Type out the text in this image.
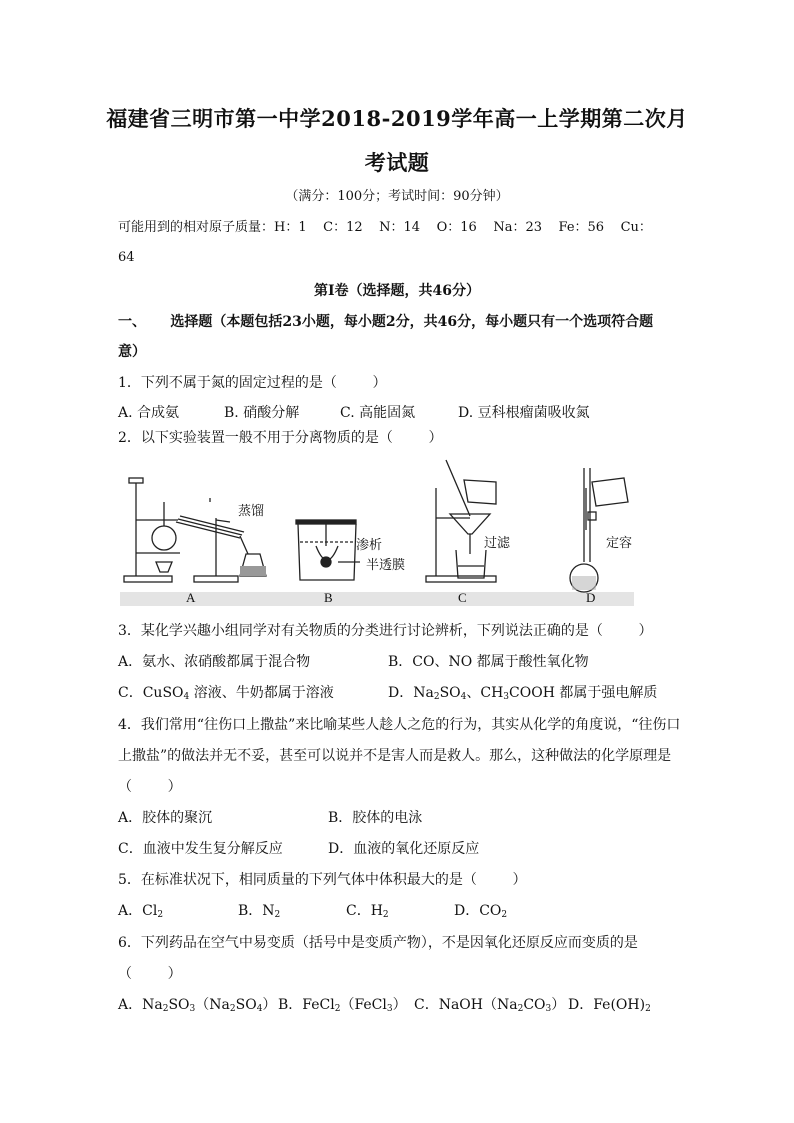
福建省三明市第一中学2018-2019学年高一上学期第二次月
考试题
（满分：100分；考试时间：90分钟）
可能用到的相对原子质量：H：1    C：12    N：14    O：16    Na：23    Fe：56    Cu：
64
第Ⅰ卷（选择题，共46分）
一、     选择题（本题包括23小题，每小题2分，共46分，每小题只有一个选项符合题
意）
1．下列不属于氮的固定过程的是（        ）
A. 合成氨	B. 硝酸分解	C. 高能固氮	D. 豆科根瘤菌吸收氮
2．以下实验装置一般不用于分离物质的是（        ）
蒸馏
渗析
半透膜
过滤	定容
A	B	C	D
3．某化学兴趣小组同学对有关物质的分类进行讨论辨析，下列说法正确的是（        ）
A．氨水、浓硝酸都属于混合物	B．CO、NO 都属于酸性氧化物
C．CuSO$_4$ 溶液、牛奶都属于溶液	D．$Na_2SO_4$、$CH_3COOH$ 都属于强电解质
4．我们常用“往伤口上撒盐”来比喻某些人趁人之危的行为，其实从化学的角度说，“往伤口
上撒盐”的做法并无不妥，甚至可以说并不是害人而是救人。那么，这种做法的化学原理是
（        ）
A．胶体的聚沉	B．胶体的电泳
C．血液中发生复分解反应	D．血液的氧化还原反应
5．在标准状况下，相同质量的下列气体中体积最大的是（        ）
A．$Cl_2$	B．$N_2$	C．$H_2$	D．$CO_2$
6．下列药品在空气中易变质（括号中是变质产物），不是因氧化还原反应而变质的是
（        ）
A．$Na_2SO_3(Na_2SO_4)$ B．FeCl$_2$（FeCl$_3$） C．$NaOH(Na_2CO_3)$ D．$Fe(OH)_2$
